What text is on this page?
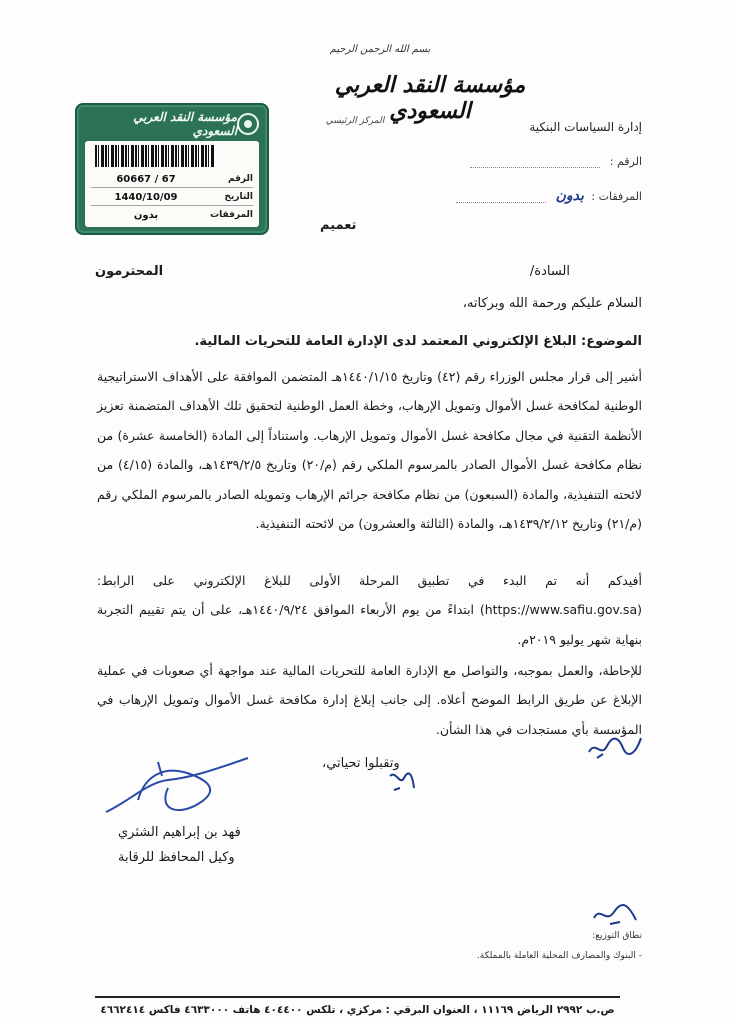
بسم الله الرحمن الرحيم
مؤسسة النقد العربي السعودي
المركز الرئيسي	إدارة السياسات البنكية
الرقم :
المرفقات : بدون
مؤسسة النقد العربي السعودي
الرقم
60667 / 67
التاريخ
1440/10/09
المرفقات
بدون
تعميم
السادة/
المحترمون
السلام عليكم ورحمة الله وبركاته،
الموضوع: البلاغ الإلكتروني المعتمد لدى الإدارة العامة للتحريات المالية.
أشير إلى قرار مجلس الوزراء رقم (٤٢) وتاريخ ١٤٤٠/١/١٥هـ المتضمن الموافقة على الأهداف الاستراتيجية الوطنية لمكافحة غسل الأموال وتمويل الإرهاب، وخطة العمل الوطنية لتحقيق تلك الأهداف المتضمنة تعزيز الأنظمة التقنية في مجال مكافحة غسل الأموال وتمويل الإرهاب. واستناداً إلى المادة (الخامسة عشرة) من نظام مكافحة غسل الأموال الصادر بالمرسوم الملكي رقم (م/٢٠) وتاريخ ١٤٣٩/٢/٥هـ، والمادة (٤/١٥) من لائحته التنفيذية، والمادة (السبعون) من نظام مكافحة جرائم الإرهاب وتمويله الصادر بالمرسوم الملكي رقم (م/٢١) وتاريخ ١٤٣٩/٢/١٢هـ، والمادة (الثالثة والعشرون) من لائحته التنفيذية.
أفيدكم أنه تم البدء في تطبيق المرحلة الأولى للبلاغ الإلكتروني على الرابط: (https://www.safiu.gov.sa) ابتداءً من يوم الأربعاء الموافق ١٤٤٠/٩/٢٤هـ، على أن يتم تقييم التجربة بنهاية شهر يوليو ٢٠١٩م.
للإحاطة، والعمل بموجبه، والتواصل مع الإدارة العامة للتحريات المالية عند مواجهة أي صعوبات في عملية الإبلاغ عن طريق الرابط الموضح أعلاه. إلى جانب إبلاغ إدارة مكافحة غسل الأموال وتمويل الإرهاب في المؤسسة بأي مستجدات في هذا الشأن.
وتقبلوا تحياتي،
فهد بن إبراهيم الشثري
وكيل المحافظ للرقابة
نطاق التوزيع:
- البنوك والمصارف المحلية العاملة بالمملكة.
ص.ب ٢٩٩٢ الرياض ١١١٦٩ ، العنوان البرقي : مركزي ، تلكس ٤٠٤٤٠٠ هاتف ٤٦٣٣٠٠٠ فاكس ٤٦٦٢٤١٤
